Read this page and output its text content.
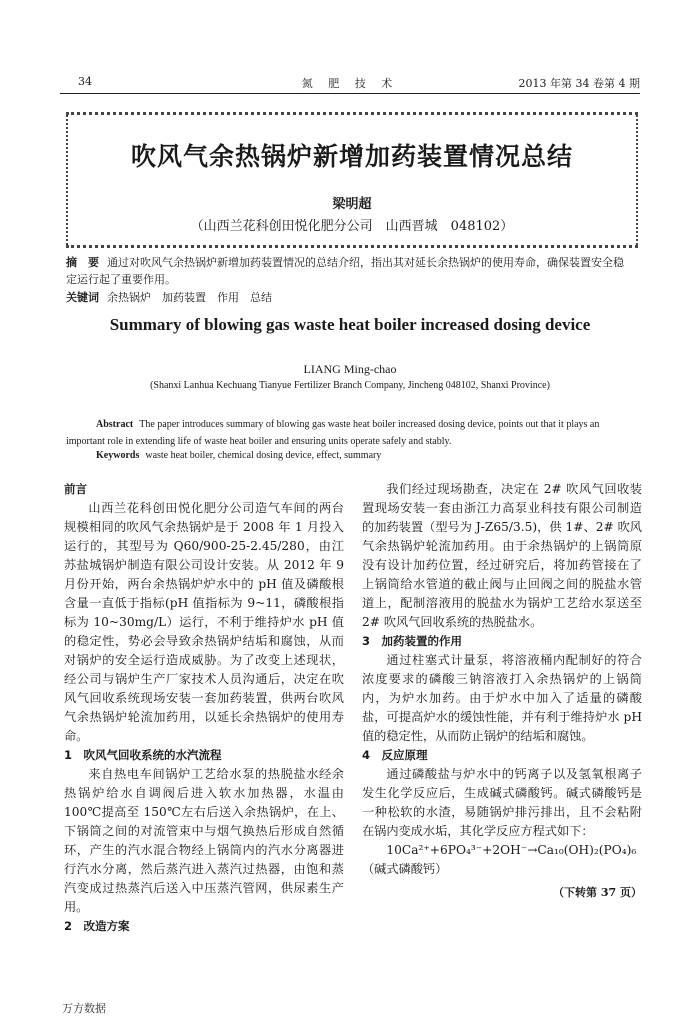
34	氮 肥 技 术	2013 年第 34 卷第 4 期
吹风气余热锅炉新增加药装置情况总结
梁明超
（山西兰花科创田悦化肥分公司　山西晋城　048102）
摘　要 通过对吹风气余热锅炉新增加药装置情况的总结介绍，指出其对延长余热锅炉的使用寿命，确保装置安全稳定运行起了重要作用。
关键词 余热锅炉　加药装置　作用　总结
Summary of blowing gas waste heat boiler increased dosing device
LIANG Ming-chao
(Shanxi Lanhua Kechuang Tianyue Fertilizer Branch Company, Jincheng 048102, Shanxi Province)
Abstract The paper introduces summary of blowing gas waste heat boiler increased dosing device, points out that it plays an important role in extending life of waste heat boiler and ensuring units operate safely and stably.
Keywords waste heat boiler, chemical dosing device, effect, summary

前言

山西兰花科创田悦化肥分公司造气车间的两台规模相同的吹风气余热锅炉是于 2008 年 1 月投入运行的，其型号为 Q60/900-25-2.45/280，由江苏盐城锅炉制造有限公司设计安装。从 2012 年 9 月份开始，两台余热锅炉炉水中的 pH 值及磷酸根含量一直低于指标(pH 值指标为 9~11，磷酸根指标为 10~30mg/L）运行，不利于维持炉水 pH 值的稳定性，势必会导致余热锅炉结垢和腐蚀，从而对锅炉的安全运行造成威胁。为了改变上述现状，经公司与锅炉生产厂家技术人员沟通后，决定在吹风气回收系统现场安装一套加药装置，供两台吹风气余热锅炉轮流加药用，以延长余热锅炉的使用寿命。

1　吹风气回收系统的水汽流程

来自热电车间锅炉工艺给水泵的热脱盐水经余热锅炉给水自调阀后进入软水加热器，水温由 100℃提高至 150℃左右后送入余热锅炉，在上、下锅筒之间的对流管束中与烟气换热后形成自然循环，产生的汽水混合物经上锅筒内的汽水分离器进行汽水分离，然后蒸汽进入蒸汽过热器，由饱和蒸汽变成过热蒸汽后送入中压蒸汽管网，供尿素生产用。

2　改造方案

我们经过现场勘查，决定在 2# 吹风气回收装置现场安装一套由浙江力高泵业科技有限公司制造的加药装置（型号为 J-Z65/3.5)，供 1#、2# 吹风气余热锅炉轮流加药用。由于余热锅炉的上锅筒原没有设计加药位置，经过研究后，将加药管接在了上锅筒给水管道的截止阀与止回阀之间的脱盐水管道上，配制溶液用的脱盐水为锅炉工艺给水泵送至 2# 吹风气回收系统的热脱盐水。

3　加药装置的作用

通过柱塞式计量泵，将溶液桶内配制好的符合浓度要求的磷酸三钠溶液打入余热锅炉的上锅筒内，为炉水加药。由于炉水中加入了适量的磷酸盐，可提高炉水的缓蚀性能，并有利于维持炉水 pH 值的稳定性，从而防止锅炉的结垢和腐蚀。

4　反应原理

通过磷酸盐与炉水中的钙离子以及氢氧根离子发生化学反应后，生成碱式磷酸钙。碱式磷酸钙是一种松软的水渣，易随锅炉排污排出，且不会粘附在锅内变成水垢，其化学反应方程式如下：

10Ca²⁺+6PO₄³⁻+2OH⁻→Ca₁₀(OH)₂(PO₄)₆（碱式磷酸钙）

（下转第 37 页）

万方数据
